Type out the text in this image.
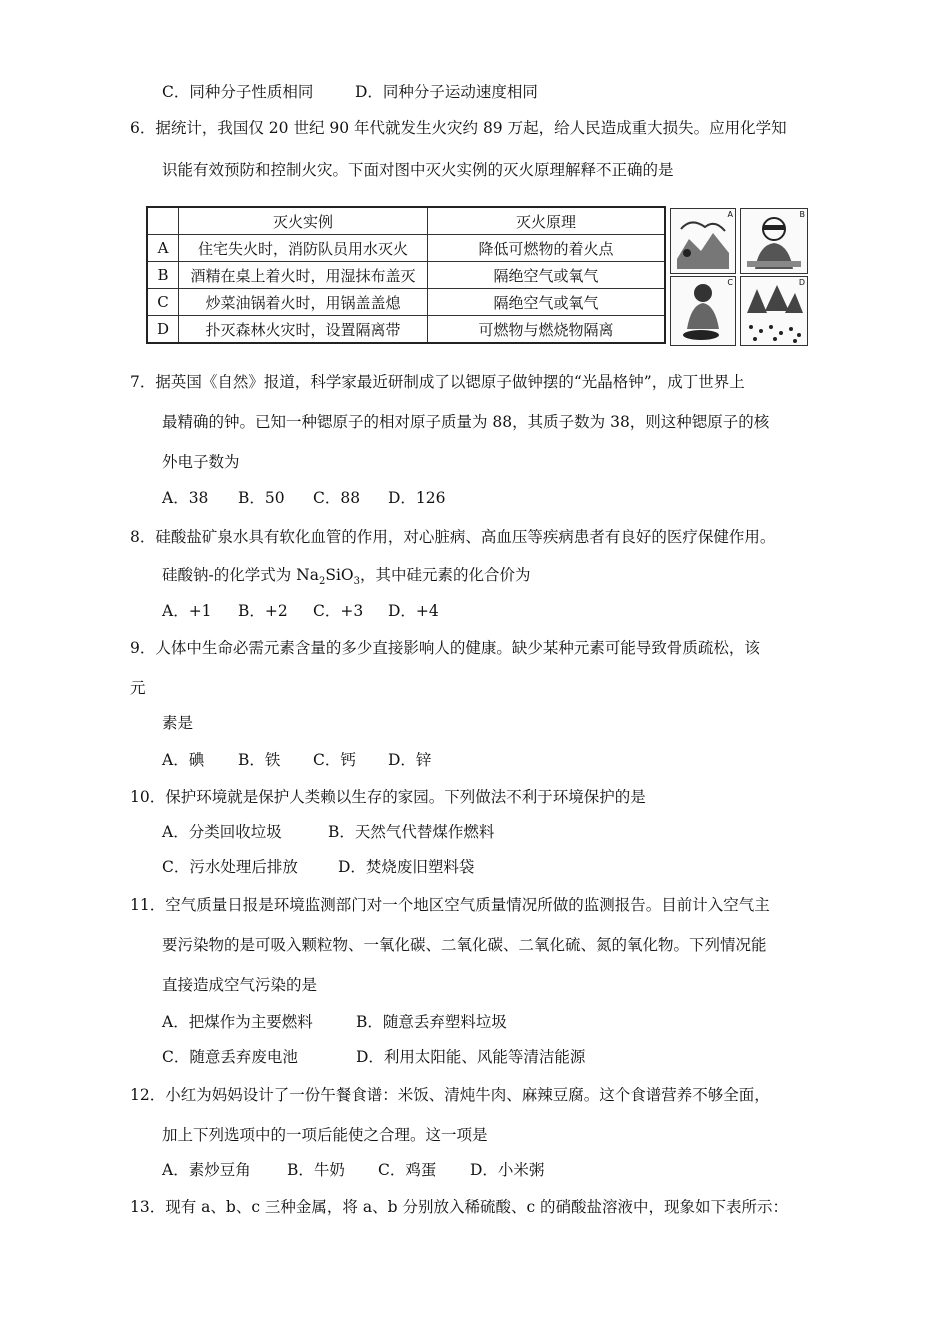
C．同种分子性质相同	D．同种分子运动速度相同
6．据统计，我国仅 20 世纪 90 年代就发生火灾约 89 万起，给人民造成重大损失。应用化学知
识能有效预防和控制火灾。下面对图中灭火实例的灭火原理解释不正确的是
	灭火实例	灭火原理
A	住宅失火时，消防队员用水灭火	降低可燃物的着火点
B	酒精在桌上着火时，用湿抹布盖灭	隔绝空气或氧气
C	炒菜油锅着火时，用锅盖盖熄	隔绝空气或氧气
D	扑灭森林火灾时，设置隔离带	可燃物与燃烧物隔离
A	B
C	D
7．据英国《自然》报道，科学家最近研制成了以锶原子做钟摆的“光晶格钟”，成丁世界上
最精确的钟。已知一种锶原子的相对原子质量为 88，其质子数为 38，则这种锶原子的核
外电子数为
A．38 B．50 C．88 D．126
8．硅酸盐矿泉水具有软化血管的作用，对心脏病、高血压等疾病患者有良好的医疗保健作用。
硅酸钠-的化学式为 $Na_2SiO_3$，其中硅元素的化合价为
A．+1 B．+2 C．+3 D．+4
9．人体中生命必需元素含量的多少直接影响人的健康。缺少某种元素可能导致骨质疏松，该
元
素是
A．碘 B．铁 C．钙 D．锌
10．保护环境就是保护人类赖以生存的家园。下列做法不利于环境保护的是
A．分类回收垃圾	B．天然气代替煤作燃料
C．污水处理后排放	D．焚烧废旧塑料袋
11．空气质量日报是环境监测部门对一个地区空气质量情况所做的监测报告。目前计入空气主
要污染物的是可吸入颗粒物、一氧化碳、二氧化碳、二氧化硫、氮的氧化物。下列情况能
直接造成空气污染的是
A．把煤作为主要燃料	B．随意丢弃塑料垃圾
C．随意丢弃废电池	D．利用太阳能、风能等清洁能源
12．小红为妈妈设计了一份午餐食谱：米饭、清炖牛肉、麻辣豆腐。这个食谱营养不够全面，
加上下列选项中的一项后能使之合理。这一项是
A．素炒豆角 B．牛奶 C．鸡蛋 D．小米粥
13．现有 a、b、c 三种金属，将 a、b 分别放入稀硫酸、c 的硝酸盐溶液中，现象如下表所示：
